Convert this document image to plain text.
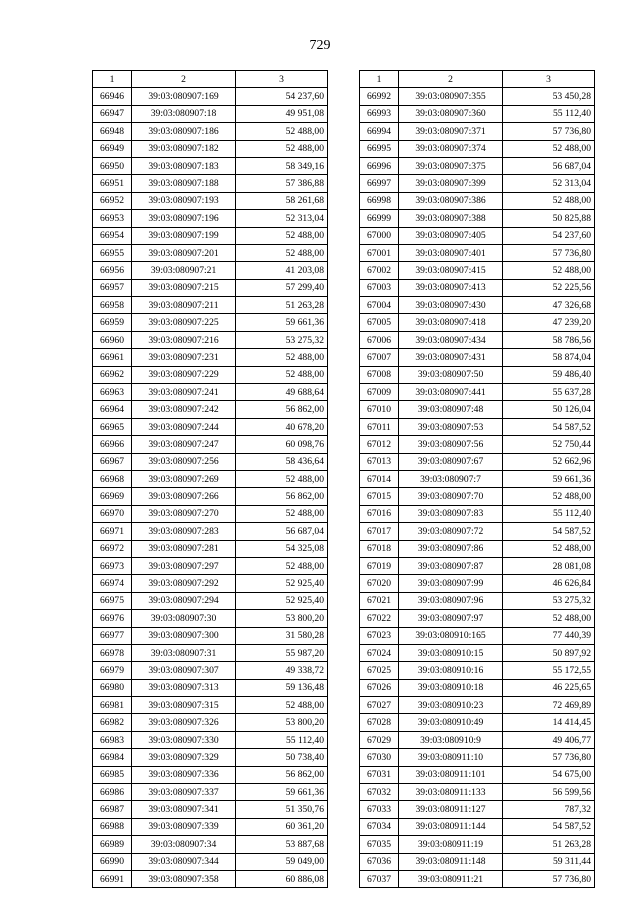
729
1	2	3
66946	39:03:080907:169	54 237,60
66947	39:03:080907:18	49 951,08
66948	39:03:080907:186	52 488,00
66949	39:03:080907:182	52 488,00
66950	39:03:080907:183	58 349,16
66951	39:03:080907:188	57 386,88
66952	39:03:080907:193	58 261,68
66953	39:03:080907:196	52 313,04
66954	39:03:080907:199	52 488,00
66955	39:03:080907:201	52 488,00
66956	39:03:080907:21	41 203,08
66957	39:03:080907:215	57 299,40
66958	39:03:080907:211	51 263,28
66959	39:03:080907:225	59 661,36
66960	39:03:080907:216	53 275,32
66961	39:03:080907:231	52 488,00
66962	39:03:080907:229	52 488,00
66963	39:03:080907:241	49 688,64
66964	39:03:080907:242	56 862,00
66965	39:03:080907:244	40 678,20
66966	39:03:080907:247	60 098,76
66967	39:03:080907:256	58 436,64
66968	39:03:080907:269	52 488,00
66969	39:03:080907:266	56 862,00
66970	39:03:080907:270	52 488,00
66971	39:03:080907:283	56 687,04
66972	39:03:080907:281	54 325,08
66973	39:03:080907:297	52 488,00
66974	39:03:080907:292	52 925,40
66975	39:03:080907:294	52 925,40
66976	39:03:080907:30	53 800,20
66977	39:03:080907:300	31 580,28
66978	39:03:080907:31	55 987,20
66979	39:03:080907:307	49 338,72
66980	39:03:080907:313	59 136,48
66981	39:03:080907:315	52 488,00
66982	39:03:080907:326	53 800,20
66983	39:03:080907:330	55 112,40
66984	39:03:080907:329	50 738,40
66985	39:03:080907:336	56 862,00
66986	39:03:080907:337	59 661,36
66987	39:03:080907:341	51 350,76
66988	39:03:080907:339	60 361,20
66989	39:03:080907:34	53 887,68
66990	39:03:080907:344	59 049,00
66991	39:03:080907:358	60 886,08
1	2	3
66992	39:03:080907:355	53 450,28
66993	39:03:080907:360	55 112,40
66994	39:03:080907:371	57 736,80
66995	39:03:080907:374	52 488,00
66996	39:03:080907:375	56 687,04
66997	39:03:080907:399	52 313,04
66998	39:03:080907:386	52 488,00
66999	39:03:080907:388	50 825,88
67000	39:03:080907:405	54 237,60
67001	39:03:080907:401	57 736,80
67002	39:03:080907:415	52 488,00
67003	39:03:080907:413	52 225,56
67004	39:03:080907:430	47 326,68
67005	39:03:080907:418	47 239,20
67006	39:03:080907:434	58 786,56
67007	39:03:080907:431	58 874,04
67008	39:03:080907:50	59 486,40
67009	39:03:080907:441	55 637,28
67010	39:03:080907:48	50 126,04
67011	39:03:080907:53	54 587,52
67012	39:03:080907:56	52 750,44
67013	39:03:080907:67	52 662,96
67014	39:03:080907:7	59 661,36
67015	39:03:080907:70	52 488,00
67016	39:03:080907:83	55 112,40
67017	39:03:080907:72	54 587,52
67018	39:03:080907:86	52 488,00
67019	39:03:080907:87	28 081,08
67020	39:03:080907:99	46 626,84
67021	39:03:080907:96	53 275,32
67022	39:03:080907:97	52 488,00
67023	39:03:080910:165	77 440,39
67024	39:03:080910:15	50 897,92
67025	39:03:080910:16	55 172,55
67026	39:03:080910:18	46 225,65
67027	39:03:080910:23	72 469,89
67028	39:03:080910:49	14 414,45
67029	39:03:080910:9	49 406,77
67030	39:03:080911:10	57 736,80
67031	39:03:080911:101	54 675,00
67032	39:03:080911:133	56 599,56
67033	39:03:080911:127	787,32
67034	39:03:080911:144	54 587,52
67035	39:03:080911:19	51 263,28
67036	39:03:080911:148	59 311,44
67037	39:03:080911:21	57 736,80
